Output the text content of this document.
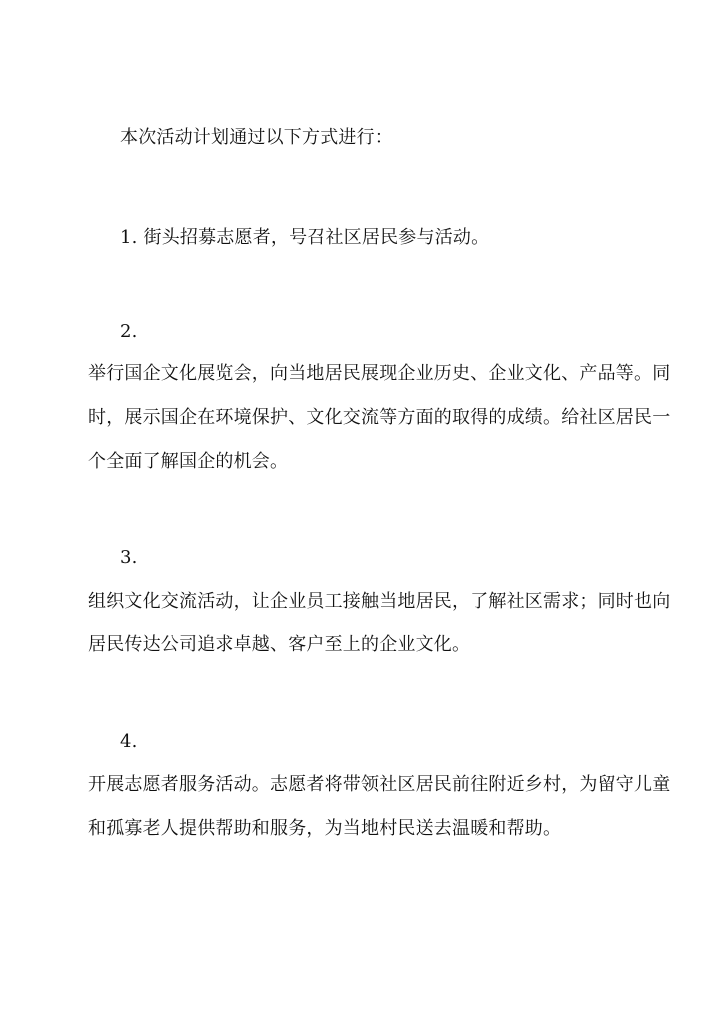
本次活动计划通过以下方式进行：
1. 街头招募志愿者，号召社区居民参与活动。
2.
举行国企文化展览会，向当地居民展现企业历史、企业文化、产品等。同
时，展示国企在环境保护、文化交流等方面的取得的成绩。给社区居民一
个全面了解国企的机会。
3.
组织文化交流活动，让企业员工接触当地居民，了解社区需求；同时也向
居民传达公司追求卓越、客户至上的企业文化。
4.
开展志愿者服务活动。志愿者将带领社区居民前往附近乡村，为留守儿童
和孤寡老人提供帮助和服务，为当地村民送去温暖和帮助。
